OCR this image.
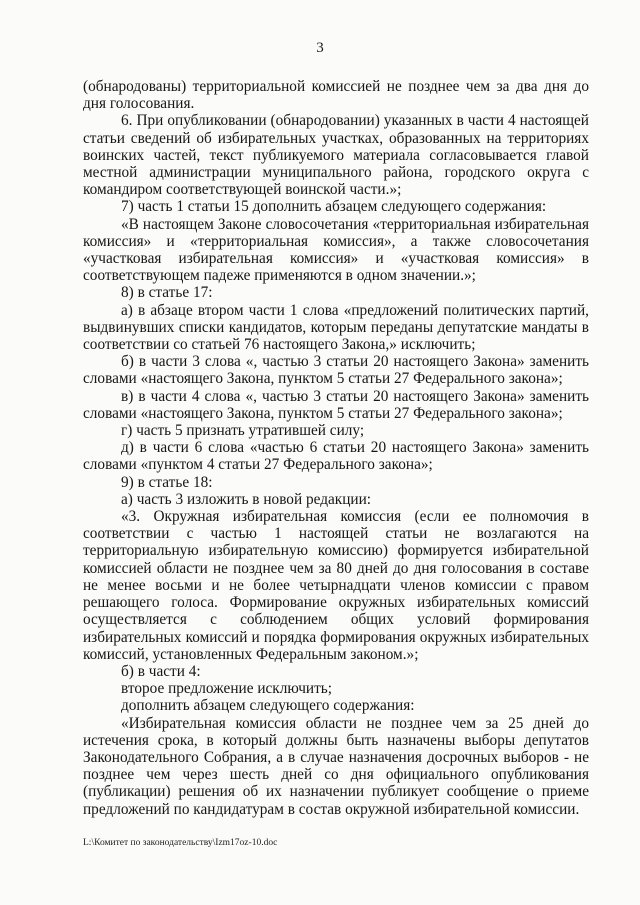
3

(обнародованы) территориальной комиссией не позднее чем за два дня до дня голосования.

6. При опубликовании (обнародовании) указанных в части 4 настоящей статьи сведений об избирательных участках, образованных на территориях воинских частей, текст публикуемого материала согласовывается главой местной администрации муниципального района, городского округа с командиром соответствующей воинской части.»;

7) часть 1 статьи 15 дополнить абзацем следующего содержания:

«В настоящем Законе словосочетания «территориальная избирательная комиссия» и «территориальная комиссия», а также словосочетания «участковая избирательная комиссия» и «участковая комиссия» в соответствующем падеже применяются в одном значении.»;

8) в статье 17:

а) в абзаце втором части 1 слова «предложений политических партий, выдвинувших списки кандидатов, которым переданы депутатские мандаты в соответствии со статьей 76 настоящего Закона,» исключить;

б) в части 3 слова «, частью 3 статьи 20 настоящего Закона» заменить словами «настоящего Закона, пунктом 5 статьи 27 Федерального закона»;

в) в части 4 слова «, частью 3 статьи 20 настоящего Закона» заменить словами «настоящего Закона, пунктом 5 статьи 27 Федерального закона»;

г) часть 5 признать утратившей силу;

д) в части 6 слова «частью 6 статьи 20 настоящего Закона» заменить словами «пунктом 4 статьи 27 Федерального закона»;

9) в статье 18:

а) часть 3 изложить в новой редакции:

«3. Окружная избирательная комиссия (если ее полномочия в соответствии с частью 1 настоящей статьи не возлагаются на территориальную избирательную комиссию) формируется избирательной комиссией области не позднее чем за 80 дней до дня голосования в составе не менее восьми и не более четырнадцати членов комиссии с правом решающего голоса. Формирование окружных избирательных комиссий осуществляется с соблюдением общих условий формирования избирательных комиссий и порядка формирования окружных избирательных комиссий, установленных Федеральным законом.»;

б) в части 4:

второе предложение исключить;

дополнить абзацем следующего содержания:

«Избирательная комиссия области не позднее чем за 25 дней до истечения срока, в который должны быть назначены выборы депутатов Законодательного Собрания, а в случае назначения досрочных выборов - не позднее чем через шесть дней со дня официального опубликования (публикации) решения об их назначении публикует сообщение о приеме предложений по кандидатурам в состав окружной избирательной комиссии.

L:\Комитет по законодательству\Izm17oz-10.doc
